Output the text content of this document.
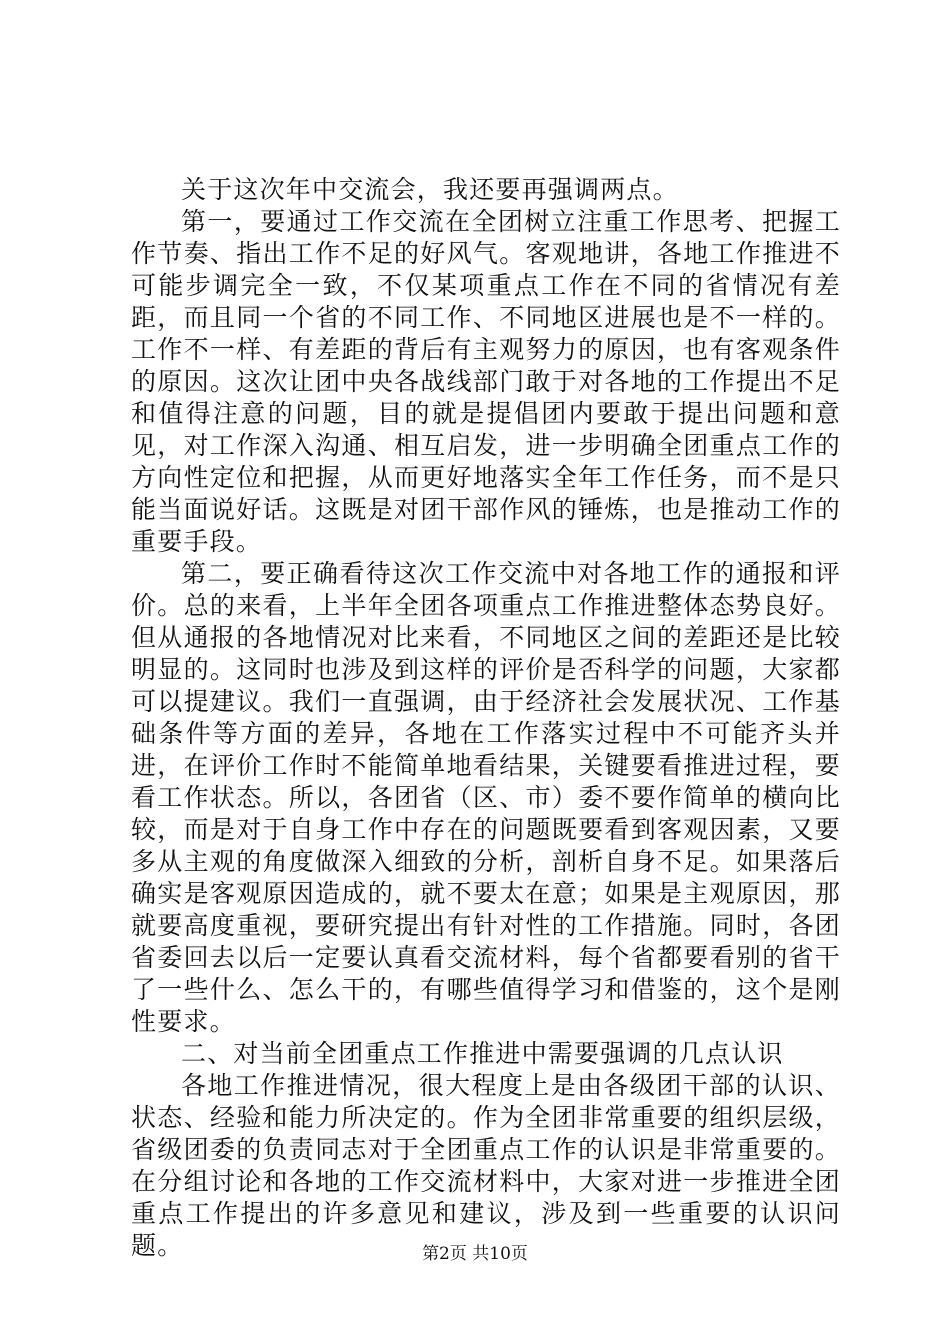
关于这次年中交流会，我还要再强调两点。

第一，要通过工作交流在全团树立注重工作思考、把握工作节奏、指出工作不足的好风气。客观地讲，各地工作推进不可能步调完全一致，不仅某项重点工作在不同的省情况有差距，而且同一个省的不同工作、不同地区进展也是不一样的。工作不一样、有差距的背后有主观努力的原因，也有客观条件的原因。这次让团中央各战线部门敢于对各地的工作提出不足和值得注意的问题，目的就是提倡团内要敢于提出问题和意见，对工作深入沟通、相互启发，进一步明确全团重点工作的方向性定位和把握，从而更好地落实全年工作任务，而不是只能当面说好话。这既是对团干部作风的锤炼，也是推动工作的重要手段。

第二，要正确看待这次工作交流中对各地工作的通报和评价。总的来看，上半年全团各项重点工作推进整体态势良好。但从通报的各地情况对比来看，不同地区之间的差距还是比较明显的。这同时也涉及到这样的评价是否科学的问题，大家都可以提建议。我们一直强调，由于经济社会发展状况、工作基础条件等方面的差异，各地在工作落实过程中不可能齐头并进，在评价工作时不能简单地看结果，关键要看推进过程，要看工作状态。所以，各团省（区、市）委不要作简单的横向比较，而是对于自身工作中存在的问题既要看到客观因素，又要多从主观的角度做深入细致的分析，剖析自身不足。如果落后确实是客观原因造成的，就不要太在意；如果是主观原因，那就要高度重视，要研究提出有针对性的工作措施。同时，各团省委回去以后一定要认真看交流材料，每个省都要看别的省干了一些什么、怎么干的，有哪些值得学习和借鉴的，这个是刚性要求。

二、对当前全团重点工作推进中需要强调的几点认识

各地工作推进情况，很大程度上是由各级团干部的认识、状态、经验和能力所决定的。作为全团非常重要的组织层级，省级团委的负责同志对于全团重点工作的认识是非常重要的。在分组讨论和各地的工作交流材料中，大家对进一步推进全团重点工作提出的许多意见和建议，涉及到一些重要的认识问题。	第2页 共10页
